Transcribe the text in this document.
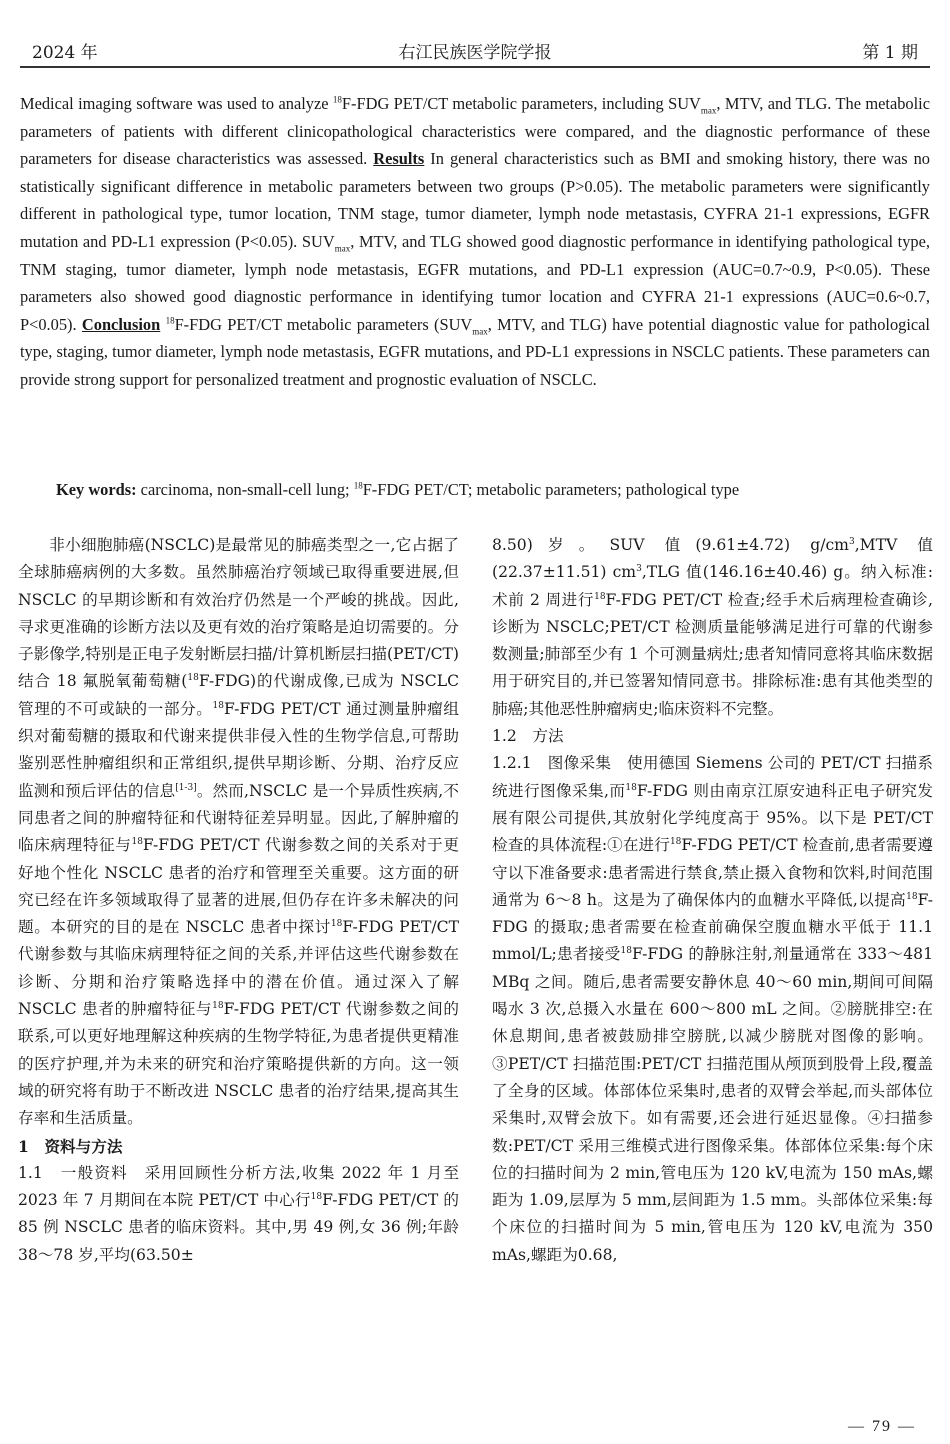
2024 年	右江民族医学院学报	第 1 期

Medical imaging software was used to analyze $^{18}$F-FDG PET/CT metabolic parameters, including $SUV_{max}$, MTV, and TLG. The metabolic parameters of patients with different clinicopathological characteristics were compared, and the diagnostic performance of these parameters for disease characteristics was assessed. Results In general characteristics such as BMI and smoking history, there was no statistically significant difference in metabolic parameters between two groups (P>0.05). The metabolic parameters were significantly different in pathological type, tumor location, TNM stage, tumor diameter, lymph node metastasis, CYFRA 21-1 expressions, EGFR mutation and PD-L1 expression (P<0.05). $SUV_{max}$, MTV, and TLG showed good diagnostic performance in identifying pathological type, TNM staging, tumor diameter, lymph node metastasis, EGFR mutations, and PD-L1 expression (AUC=0.7~0.9, P<0.05). These parameters also showed good diagnostic performance in identifying tumor location and CYFRA 21-1 expressions (AUC=0.6~0.7, P<0.05). Conclusion $^{18}$F-FDG PET/CT metabolic parameters ($SUV_{max}$, MTV, and TLG) have potential diagnostic value for pathological type, staging, tumor diameter, lymph node metastasis, EGFR mutations, and PD-L1 expressions in NSCLC patients. These parameters can provide strong support for personalized treatment and prognostic evaluation of NSCLC.

Key words: carcinoma, non-small-cell lung; $^{18}$F-FDG PET/CT; metabolic parameters; pathological type

非小细胞肺癌(NSCLC)是最常见的肺癌类型之一,它占据了全球肺癌病例的大多数。虽然肺癌治疗领域已取得重要进展,但 NSCLC 的早期诊断和有效治疗仍然是一个严峻的挑战。因此,寻求更准确的诊断方法以及更有效的治疗策略是迫切需要的。分子影像学,特别是正电子发射断层扫描/计算机断层扫描(PET/CT)结合 18 氟脱氧葡萄糖($^{18}$F-FDG)的代谢成像,已成为 NSCLC 管理的不可或缺的一部分。$^{18}$F-FDG PET/CT 通过测量肿瘤组织对葡萄糖的摄取和代谢来提供非侵入性的生物学信息,可帮助鉴别恶性肿瘤组织和正常组织,提供早期诊断、分期、治疗反应监测和预后评估的信息[1-3]。然而,NSCLC 是一个异质性疾病,不同患者之间的肿瘤特征和代谢特征差异明显。因此,了解肿瘤的临床病理特征与$^{18}$F-FDG PET/CT 代谢参数之间的关系对于更好地个性化 NSCLC 患者的治疗和管理至关重要。这方面的研究已经在许多领域取得了显著的进展,但仍存在许多未解决的问题。本研究的目的是在 NSCLC 患者中探讨$^{18}$F-FDG PET/CT 代谢参数与其临床病理特征之间的关系,并评估这些代谢参数在诊断、分期和治疗策略选择中的潜在价值。通过深入了解 NSCLC 患者的肿瘤特征与$^{18}$F-FDG PET/CT 代谢参数之间的联系,可以更好地理解这种疾病的生物学特征,为患者提供更精准的医疗护理,并为未来的研究和治疗策略提供新的方向。这一领域的研究将有助于不断改进 NSCLC 患者的治疗结果,提高其生存率和生活质量。

1　资料与方法

1.1　一般资料　采用回顾性分析方法,收集 2022 年 1 月至 2023 年 7 月期间在本院 PET/CT 中心行$^{18}$F-FDG PET/CT 的 85 例 NSCLC 患者的临床资料。其中,男 49 例,女 36 例;年龄 38～78 岁,平均(63.50±

8.50)岁。SUV 值(9.61±4.72) $g/cm^3,MTV$ 值(22.37±11.51) $cm^3,TLG$ 值(146.16±40.46) g。纳入标准:术前 2 周进行$^{18}$F-FDG PET/CT 检查;经手术后病理检查确诊,诊断为 NSCLC;PET/CT 检测质量能够满足进行可靠的代谢参数测量;肺部至少有 1 个可测量病灶;患者知情同意将其临床数据用于研究目的,并已签署知情同意书。排除标准:患有其他类型的肺癌;其他恶性肿瘤病史;临床资料不完整。

1.2　方法

1.2.1　图像采集　使用德国 Siemens 公司的 PET/CT 扫描系统进行图像采集,而$^{18}$F-FDG 则由南京江原安迪科正电子研究发展有限公司提供,其放射化学纯度高于 95%。以下是 PET/CT 检查的具体流程:①在进行$^{18}$F-FDG PET/CT 检查前,患者需要遵守以下准备要求:患者需进行禁食,禁止摄入食物和饮料,时间范围通常为 6～8 h。这是为了确保体内的血糖水平降低,以提高$^{18}$F-FDG 的摄取;患者需要在检查前确保空腹血糖水平低于 11.1 mmol/L;患者接受$^{18}$F-FDG 的静脉注射,剂量通常在 333～481 MBq 之间。随后,患者需要安静休息 40～60 min,期间可间隔喝水 3 次,总摄入水量在 600～800 mL 之间。②膀胱排空:在休息期间,患者被鼓励排空膀胱,以减少膀胱对图像的影响。③PET/CT 扫描范围:PET/CT 扫描范围从颅顶到股骨上段,覆盖了全身的区域。体部体位采集时,患者的双臂会举起,而头部体位采集时,双臂会放下。如有需要,还会进行延迟显像。④扫描参数:PET/CT 采用三维模式进行图像采集。体部体位采集:每个床位的扫描时间为 2 min,管电压为 120 kV,电流为 150 mAs,螺距为 1.09,层厚为 5 mm,层间距为 1.5 mm。头部体位采集:每个床位的扫描时间为 5 min,管电压为 120 kV,电流为 350 mAs,螺距为0.68,

— 79 —
